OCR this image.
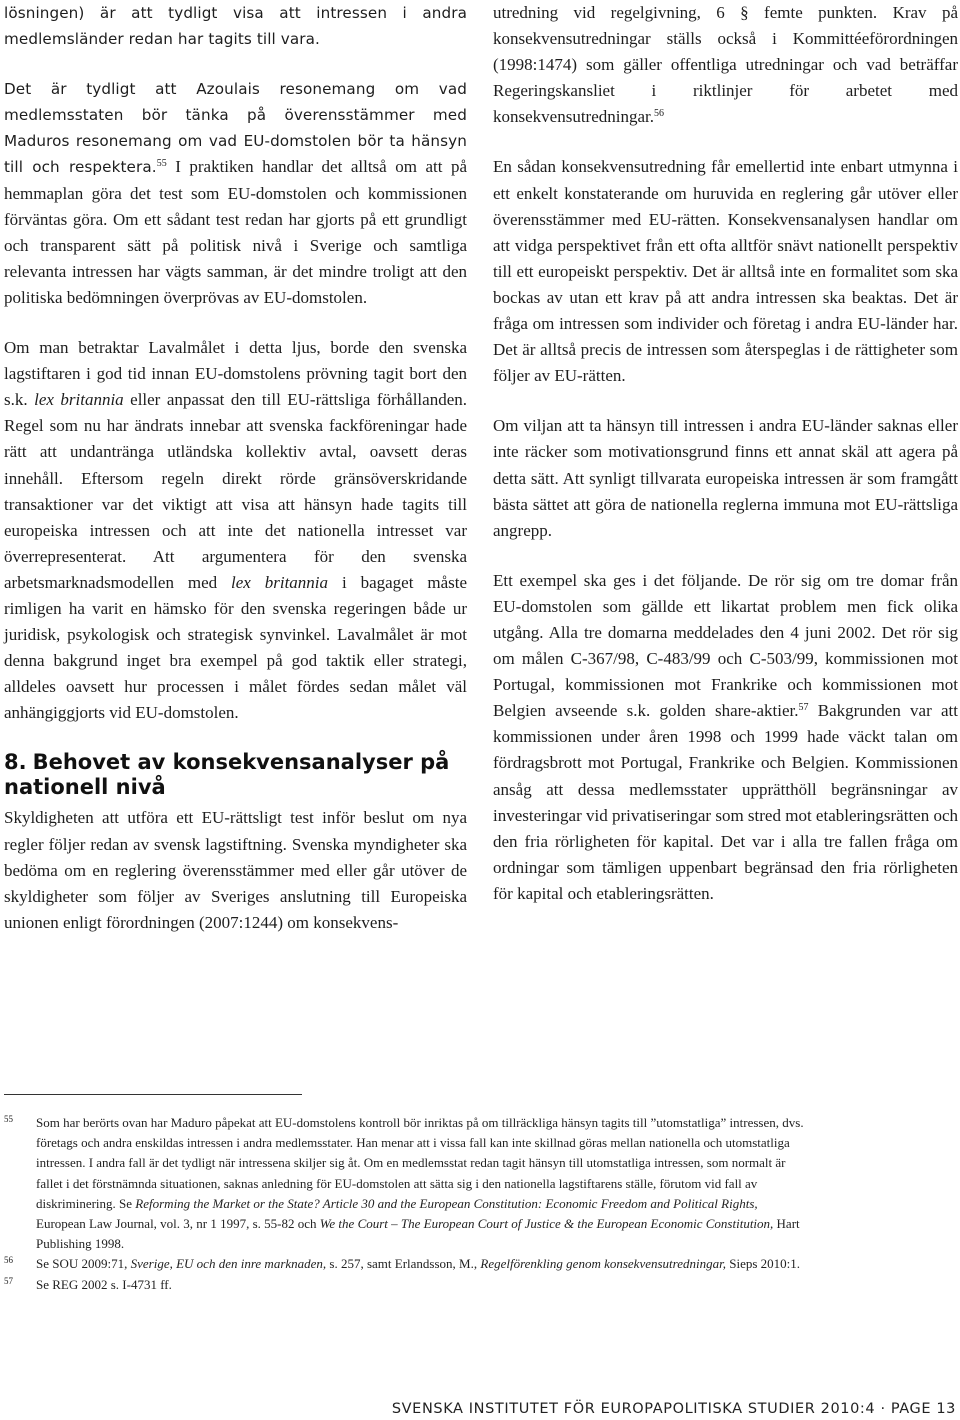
lösningen) är att tydligt visa att intressen i andra medlemsländer redan har tagits till vara.

Det är tydligt att Azoulais resonemang om vad medlemsstaten bör tänka på överensstämmer med Maduros resonemang om vad EU-domstolen bör ta hänsyn till och respektera.$^{55}$ I praktiken handlar det alltså om att på hemmaplan göra det test som EU-domstolen och kommissionen förväntas göra. Om ett sådant test redan har gjorts på ett grundligt och transparent sätt på politisk nivå i Sverige och samtliga relevanta intressen har vägts samman, är det mindre troligt att den politiska bedömningen överprövas av EU-domstolen.

Om man betraktar Lavalmålet i detta ljus, borde den svenska lagstiftaren i god tid innan EU-domstolens prövning tagit bort den s.k. lex britannia eller anpassat den till EU-rättsliga förhållanden. Regel som nu har ändrats innebar att svenska fackföreningar hade rätt att undantränga utländska kollektiv avtal, oavsett deras innehåll. Eftersom regeln direkt rörde gränsöverskridande transaktioner var det viktigt att visa att hänsyn hade tagits till europeiska intressen och att inte det nationella intresset var överrepresenterat. Att argumentera för den svenska arbetsmarknadsmodellen med lex britannia i bagaget måste rimligen ha varit en hämsko för den svenska regeringen både ur juridisk, psykologisk och strategisk synvinkel. Lavalmålet är mot denna bakgrund inget bra exempel på god taktik eller strategi, alldeles oavsett hur processen i målet fördes sedan målet väl anhängiggjorts vid EU-domstolen.

8. Behovet av konsekvensanalyser på nationell nivå

Skyldigheten att utföra ett EU-rättsligt test inför beslut om nya regler följer redan av svensk lagstiftning. Svenska myndigheter ska bedöma om en reglering överensstämmer med eller går utöver de skyldigheter som följer av Sveriges anslutning till Europeiska unionen enligt förordningen (2007:1244) om konsekvens-

utredning vid regelgivning, 6 § femte punkten. Krav på konsekvensutredningar ställs också i Kommittéeförordningen (1998:1474) som gäller offentliga utredningar och vad beträffar Regeringskansliet i riktlinjer för arbetet med konsekvensutredningar.$^{56}$

En sådan konsekvensutredning får emellertid inte enbart utmynna i ett enkelt konstaterande om huruvida en reglering går utöver eller överensstämmer med EU-rätten. Konsekvensanalysen handlar om att vidga perspektivet från ett ofta alltför snävt nationellt perspektiv till ett europeiskt perspektiv. Det är alltså inte en formalitet som ska bockas av utan ett krav på att andra intressen ska beaktas. Det är fråga om intressen som individer och företag i andra EU-länder har. Det är alltså precis de intressen som återspeglas i de rättigheter som följer av EU-rätten.

Om viljan att ta hänsyn till intressen i andra EU-länder saknas eller inte räcker som motivationsgrund finns ett annat skäl att agera på detta sätt. Att synligt tillvarata europeiska intressen är som framgått bästa sättet att göra de nationella reglerna immuna mot EU-rättsliga angrepp.

Ett exempel ska ges i det följande. De rör sig om tre domar från EU-domstolen som gällde ett likartat problem men fick olika utgång. Alla tre domarna meddelades den 4 juni 2002. Det rör sig om målen C-367/98, C-483/99 och C-503/99, kommissionen mot Portugal, kommissionen mot Frankrike och kommissionen mot Belgien avseende s.k. golden share-aktier.$^{57}$ Bakgrunden var att kommissionen under åren 1998 och 1999 hade väckt talan om fördragsbrott mot Portugal, Frankrike och Belgien. Kommissionen ansåg att dessa medlemsstater upprätthöll begränsningar av investeringar vid privatiseringar som stred mot etableringsrätten och den fria rörligheten för kapital. Det var i alla tre fallen fråga om ordningar som tämligen uppenbart begränsad den fria rörligheten för kapital och etableringsrätten.

55 Som har berörts ovan har Maduro påpekat att EU-domstolens kontroll bör inriktas på om tillräckliga hänsyn tagits till ”utomstatliga” intressen, dvs. företags och andra enskildas intressen i andra medlemsstater. Han menar att i vissa fall kan inte skillnad göras mellan nationella och utomstatliga intressen. I andra fall är det tydligt när intressena skiljer sig åt. Om en medlemsstat redan tagit hänsyn till utomstatliga intressen, som normalt är fallet i det förstnämnda situationen, saknas anledning för EU-domstolen att sätta sig i den nationella lagstiftarens ställe, förutom vid fall av diskriminering. Se Reforming the Market or the State? Article 30 and the European Constitution: Economic Freedom and Political Rights, European Law Journal, vol. 3, nr 1 1997, s. 55-82 och We the Court – The European Court of Justice & the European Economic Constitution, Hart Publishing 1998.
56 Se SOU 2009:71, Sverige, EU och den inre marknaden, s. 257, samt Erlandsson, M., Regelförenkling genom konsekvensutredningar, Sieps 2010:1.
57 Se REG 2002 s. I-4731 ff.
SVENSKA INSTITUTET FÖR EUROPAPOLITISKA STUDIER 2010:4 · PAGE 13
